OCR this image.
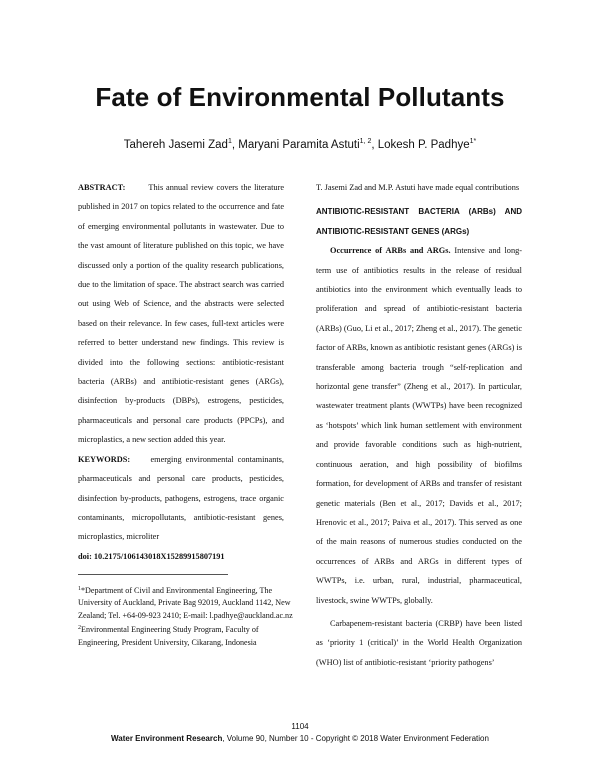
Fate of Environmental Pollutants
Tahereh Jasemi Zad$^1$, Maryani Paramita Astuti$^{1, 2}$, Lokesh P. Padhye$^{1*}$

ABSTRACT:	This annual review covers the literature published in 2017 on topics related to the occurrence and fate of emerging environmental pollutants in wastewater. Due to the vast amount of literature published on this topic, we have discussed only a portion of the quality research publications, due to the limitation of space. The abstract search was carried out using Web of Science, and the abstracts were selected based on their relevance. In few cases, full-text articles were referred to better understand new findings. This review is divided into the following sections: antibiotic-resistant bacteria (ARBs) and antibiotic-resistant genes (ARGs), disinfection by-products (DBPs), estrogens, pesticides, pharmaceuticals and personal care products (PPCPs), and microplastics, a new section added this year.

KEYWORDS: emerging environmental contaminants, pharmaceuticals and personal care products, pesticides, disinfection by-products, pathogens, estrogens, trace organic contaminants, micropollutants, antibiotic-resistant genes, microplastics, microliter

doi: 10.2175/106143018X15289915807191

$^1$*Department of Civil and Environmental Engineering, The University of Auckland, Private Bag 92019, Auckland 1142, New Zealand; Tel. +64-09-923 2410; E-mail: l.padhye@auckland.ac.nz

$^2$Environmental Engineering Study Program, Faculty of Engineering, President University, Cikarang, Indonesia

T. Jasemi Zad and M.P. Astuti have made equal contributions

ANTIBIOTIC-RESISTANT BACTERIA (ARBs) AND ANTIBIOTIC-RESISTANT GENES (ARGs)

Occurrence of ARBs and ARGs. Intensive and long-term use of antibiotics results in the release of residual antibiotics into the environment which eventually leads to proliferation and spread of antibiotic-resistant bacteria (ARBs) (Guo, Li et al., 2017; Zheng et al., 2017). The genetic factor of ARBs, known as antibiotic resistant genes (ARGs) is transferable among bacteria trough “self-replication and horizontal gene transfer” (Zheng et al., 2017). In particular, wastewater treatment plants (WWTPs) have been recognized as ‘hotspots’ which link human settlement with environment and provide favorable conditions such as high-nutrient, continuous aeration, and high possibility of biofilms formation, for development of ARBs and transfer of resistant genetic materials (Ben et al., 2017; Davids et al., 2017; Hrenovic et al., 2017; Paiva et al., 2017). This served as one of the main reasons of numerous studies conducted on the occurrences of ARBs and ARGs in different types of WWTPs, i.e. urban, rural, industrial, pharmaceutical, livestock, swine WWTPs, globally.

Carbapenem-resistant bacteria (CRBP) have been listed as ‘priority 1 (critical)’ in the World Health Organization (WHO) list of antibiotic-resistant ‘priority pathogens’

1104
Water Environment Research, Volume 90, Number 10 - Copyright © 2018 Water Environment Federation
